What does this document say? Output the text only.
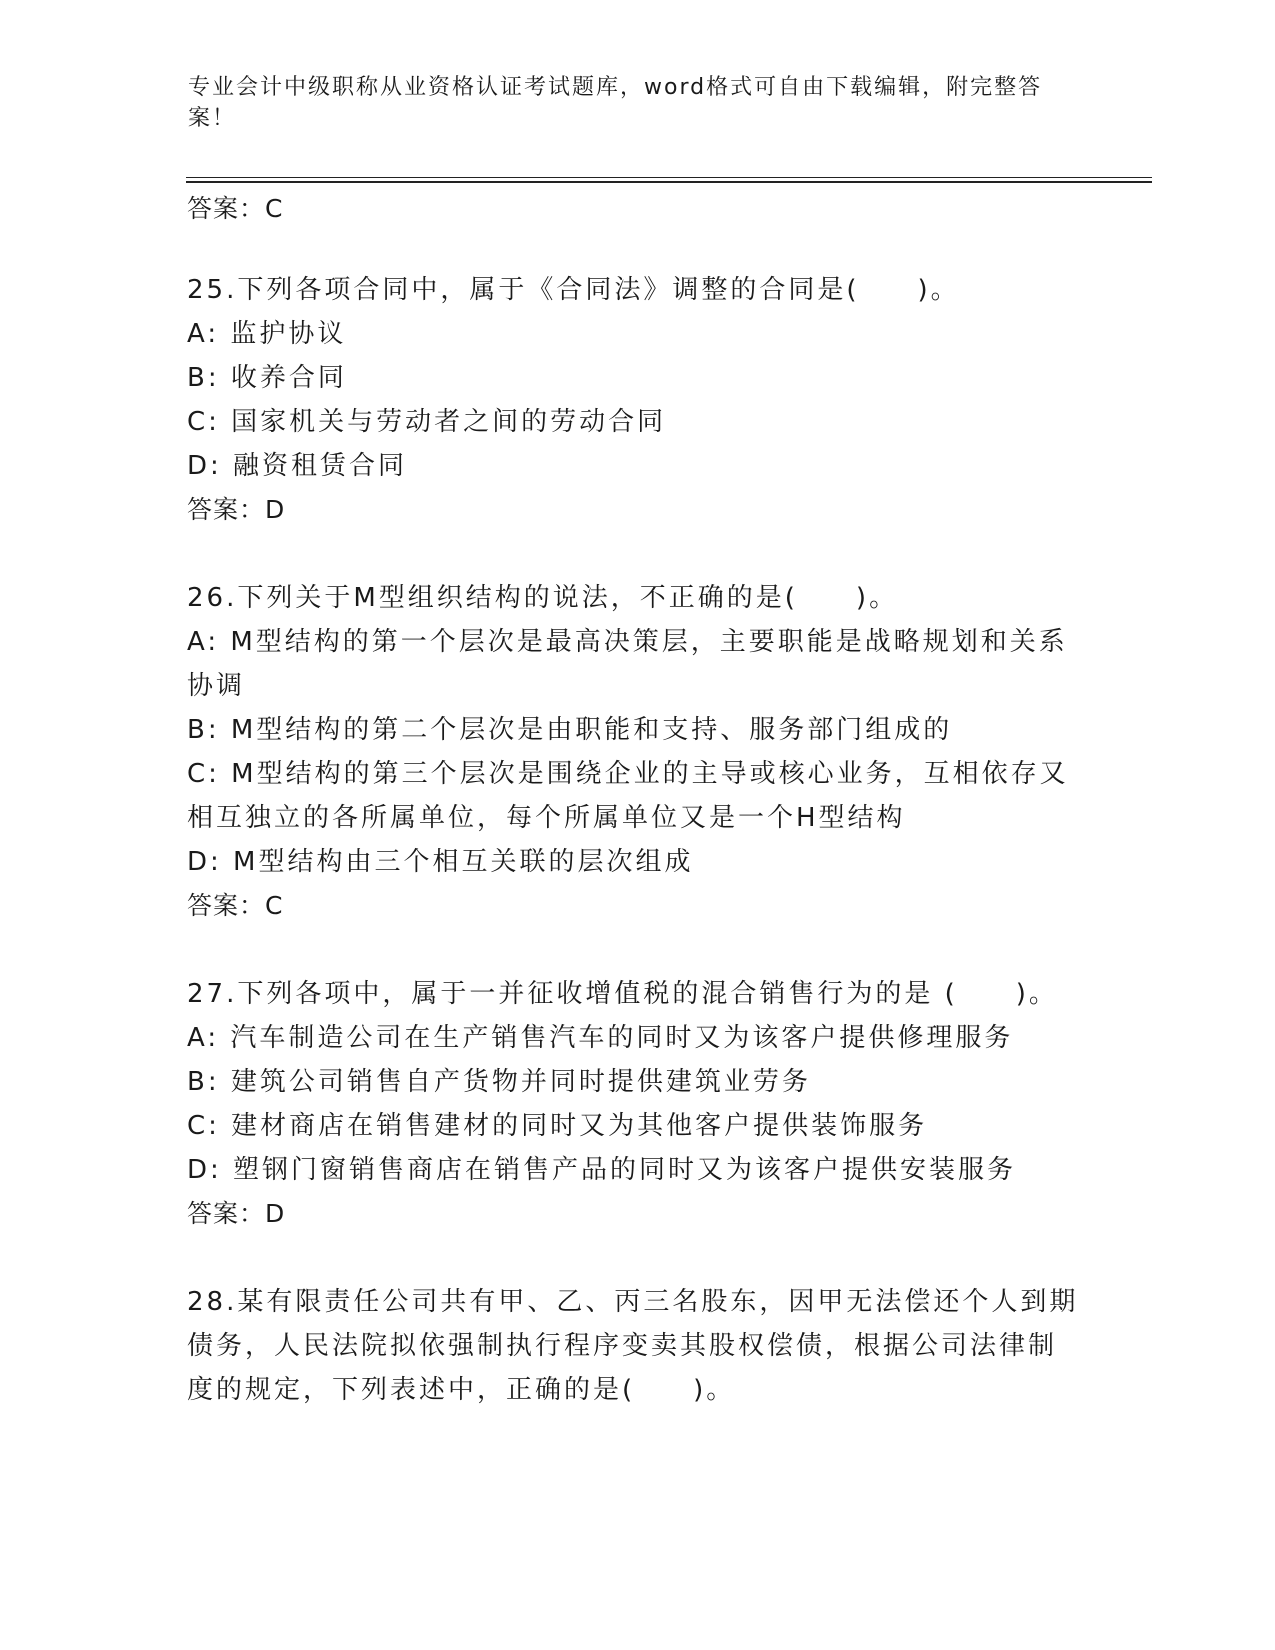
专业会计中级职称从业资格认证考试题库，word格式可自由下载编辑，附完整答案！
答案：C
25.下列各项合同中，属于《合同法》调整的合同是(　　)。
A: 监护协议
B: 收养合同
C: 国家机关与劳动者之间的劳动合同
D: 融资租赁合同
答案：D
26.下列关于M型组织结构的说法，不正确的是(　　)。
A: M型结构的第一个层次是最高决策层，主要职能是战略规划和关系
协调
B: M型结构的第二个层次是由职能和支持、服务部门组成的
C: M型结构的第三个层次是围绕企业的主导或核心业务，互相依存又
相互独立的各所属单位，每个所属单位又是一个H型结构
D: M型结构由三个相互关联的层次组成
答案：C
27.下列各项中，属于一并征收增值税的混合销售行为的是 (　　)。
A: 汽车制造公司在生产销售汽车的同时又为该客户提供修理服务
B: 建筑公司销售自产货物并同时提供建筑业劳务
C: 建材商店在销售建材的同时又为其他客户提供装饰服务
D: 塑钢门窗销售商店在销售产品的同时又为该客户提供安装服务
答案：D
28.某有限责任公司共有甲、乙、丙三名股东，因甲无法偿还个人到期
债务，人民法院拟依强制执行程序变卖其股权偿债，根据公司法律制
度的规定，下列表述中，正确的是(　　)。
